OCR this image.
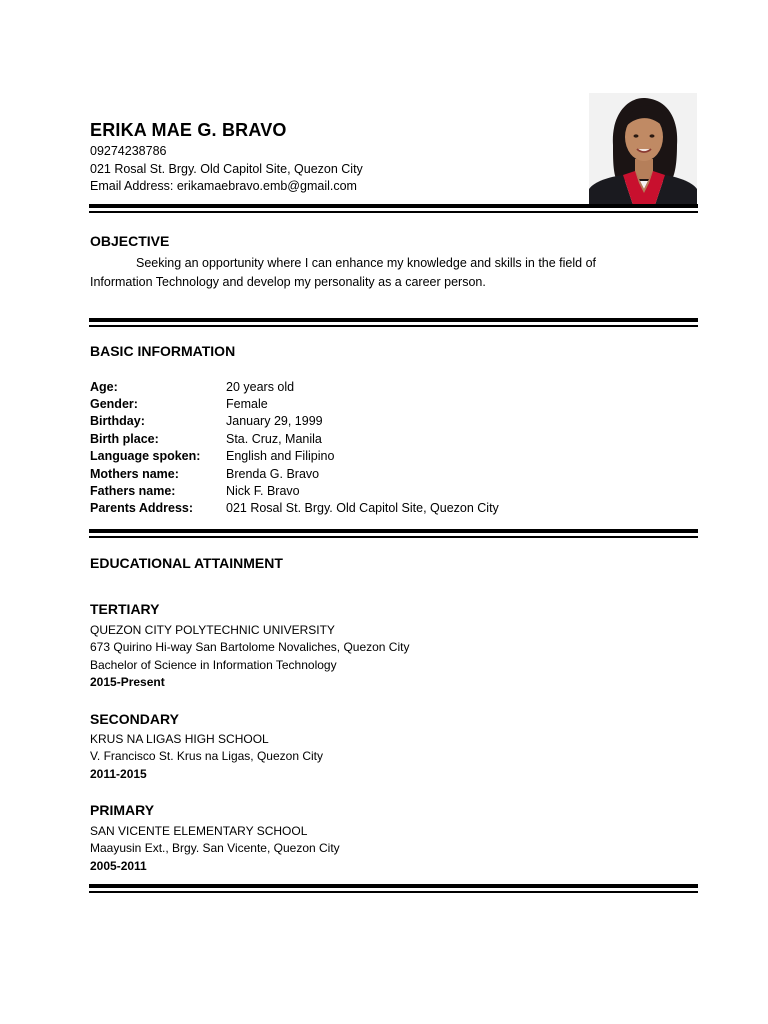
ERIKA MAE G. BRAVO
09274238786
021 Rosal St. Brgy. Old Capitol Site, Quezon City
Email Address: erikamaebravo.emb@gmail.com
OBJECTIVE
Seeking an opportunity where I can enhance my knowledge and skills in the field of
Information Technology and develop my personality as a career person.
BASIC INFORMATION
Age:	20 years old
Gender:	Female
Birthday:	January 29, 1999
Birth place:	Sta. Cruz, Manila
Language spoken: English and Filipino
Mothers name:	Brenda G. Bravo
Fathers name:	Nick F. Bravo
Parents Address:	021 Rosal St. Brgy. Old Capitol Site, Quezon City
EDUCATIONAL ATTAINMENT
TERTIARY
QUEZON CITY POLYTECHNIC UNIVERSITY
673 Quirino Hi-way San Bartolome Novaliches, Quezon City
Bachelor of Science in Information Technology
2015-Present
SECONDARY
KRUS NA LIGAS HIGH SCHOOL
V. Francisco St. Krus na Ligas, Quezon City
2011-2015
PRIMARY
SAN VICENTE ELEMENTARY SCHOOL
Maayusin Ext., Brgy. San Vicente, Quezon City
2005-2011
